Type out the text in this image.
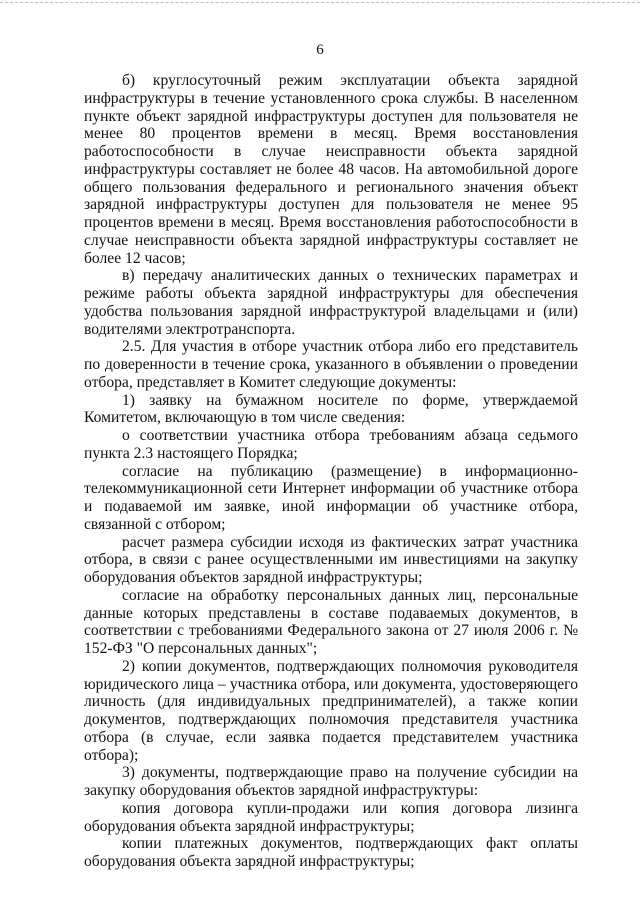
6

б) круглосуточный режим эксплуатации объекта зарядной инфраструктуры в течение установленного срока службы. В населенном пункте объект зарядной инфраструктуры доступен для пользователя не менее 80 процентов времени в месяц. Время восстановления работоспособности в случае неисправности объекта зарядной инфраструктуры составляет не более 48 часов. На автомобильной дороге общего пользования федерального и регионального значения объект зарядной инфраструктуры доступен для пользователя не менее 95 процентов времени в месяц. Время восстановления работоспособности в случае неисправности объекта зарядной инфраструктуры составляет не более 12 часов;

в) передачу аналитических данных о технических параметрах и режиме работы объекта зарядной инфраструктуры для обеспечения удобства пользования зарядной инфраструктурой владельцами и (или) водителями электротранспорта.

2.5. Для участия в отборе участник отбора либо его представитель по доверенности в течение срока, указанного в объявлении о проведении отбора, представляет в Комитет следующие документы:

1) заявку на бумажном носителе по форме, утверждаемой Комитетом, включающую в том числе сведения:

о соответствии участника отбора требованиям абзаца седьмого пункта 2.3 настоящего Порядка;

согласие на публикацию (размещение) в информационно-телекоммуникационной сети Интернет информации об участнике отбора и подаваемой им заявке, иной информации об участнике отбора, связанной с отбором;

расчет размера субсидии исходя из фактических затрат участника отбора, в связи с ранее осуществленными им инвестициями на закупку оборудования объектов зарядной инфраструктуры;

согласие на обработку персональных данных лиц, персональные данные которых представлены в составе подаваемых документов, в соответствии с требованиями Федерального закона от 27 июля 2006 г. № 152-ФЗ "О персональных данных";

2) копии документов, подтверждающих полномочия руководителя юридического лица – участника отбора, или документа, удостоверяющего личность (для индивидуальных предпринимателей), а также копии документов, подтверждающих полномочия представителя участника отбора (в случае, если заявка подается представителем участника отбора);

3) документы, подтверждающие право на получение субсидии на закупку оборудования объектов зарядной инфраструктуры:

копия договора купли-продажи или копия договора лизинга оборудования объекта зарядной инфраструктуры;

копии платежных документов, подтверждающих факт оплаты оборудования объекта зарядной инфраструктуры;
